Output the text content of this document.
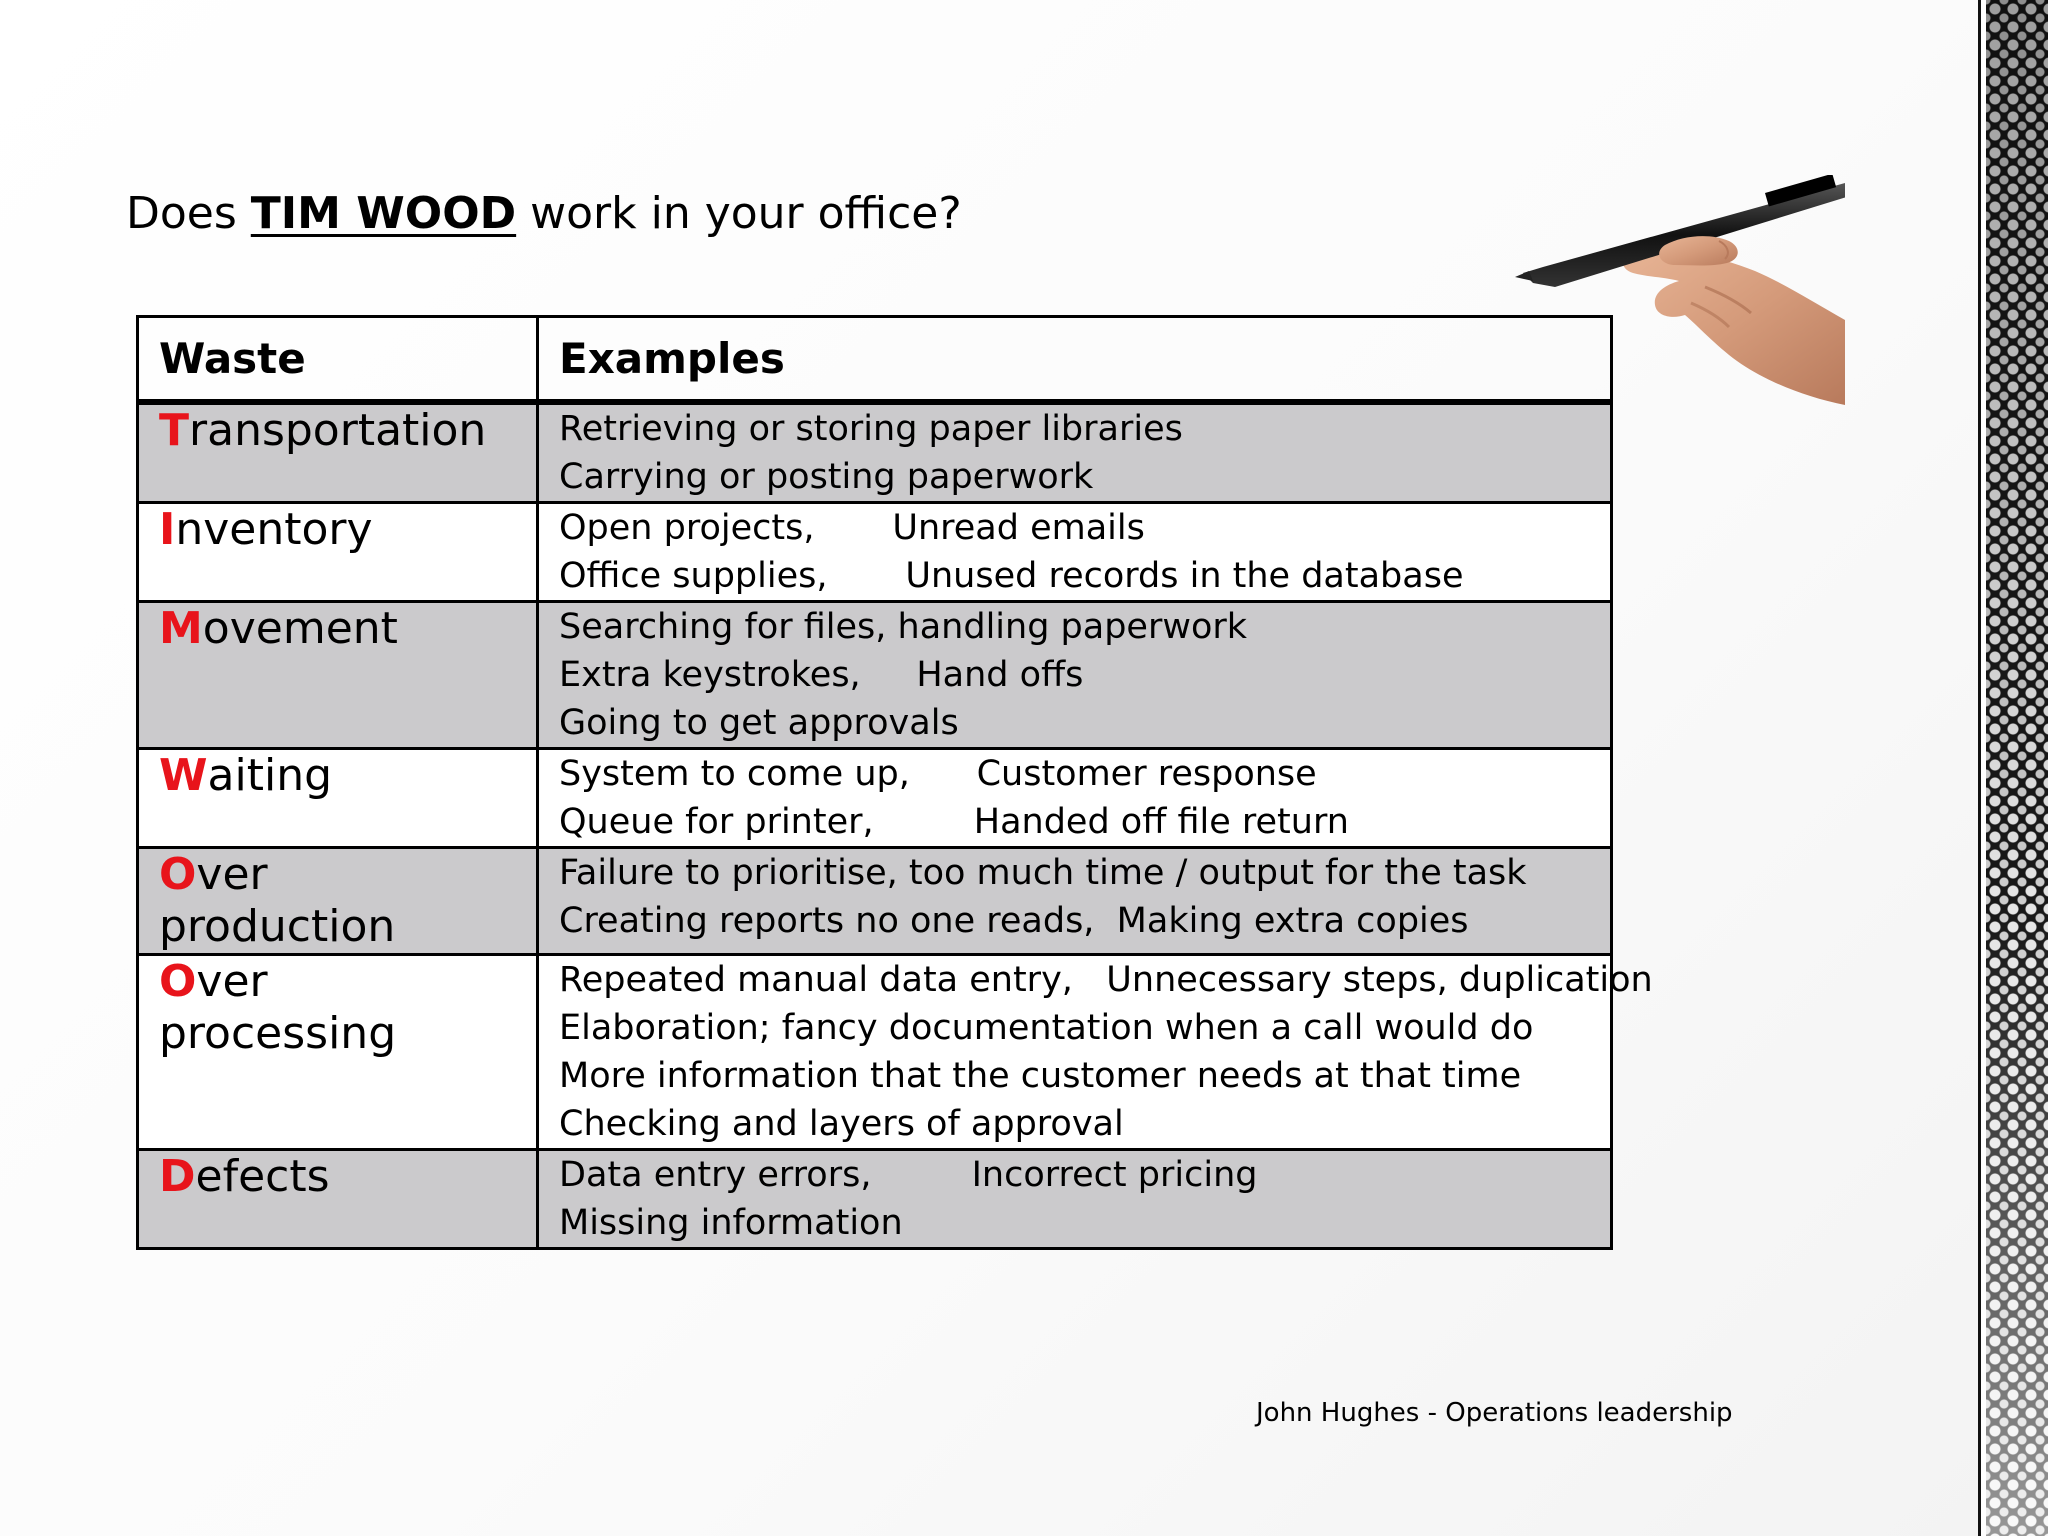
Does TIM WOOD work in your office?
Waste	Examples
Transportation	Retrieving or storing paper libraries
Carrying or posting paperwork
Inventory	Open projects,       Unread emails
Office supplies,       Unused records in the database
Movement	Searching for files, handling paperwork
Extra keystrokes,     Hand offs
Going to get approvals
Waiting	System to come up,      Customer response
Queue for printer,         Handed off file return
Over production	Failure to prioritise, too much time / output for the task
Creating reports no one reads,  Making extra copies
Over processing	Repeated manual data entry,   Unnecessary steps, duplication
Elaboration; fancy documentation when a call would do
More information that the customer needs at that time
Checking and layers of approval
Defects	Data entry errors,         Incorrect pricing
Missing information
John Hughes - Operations leadership
